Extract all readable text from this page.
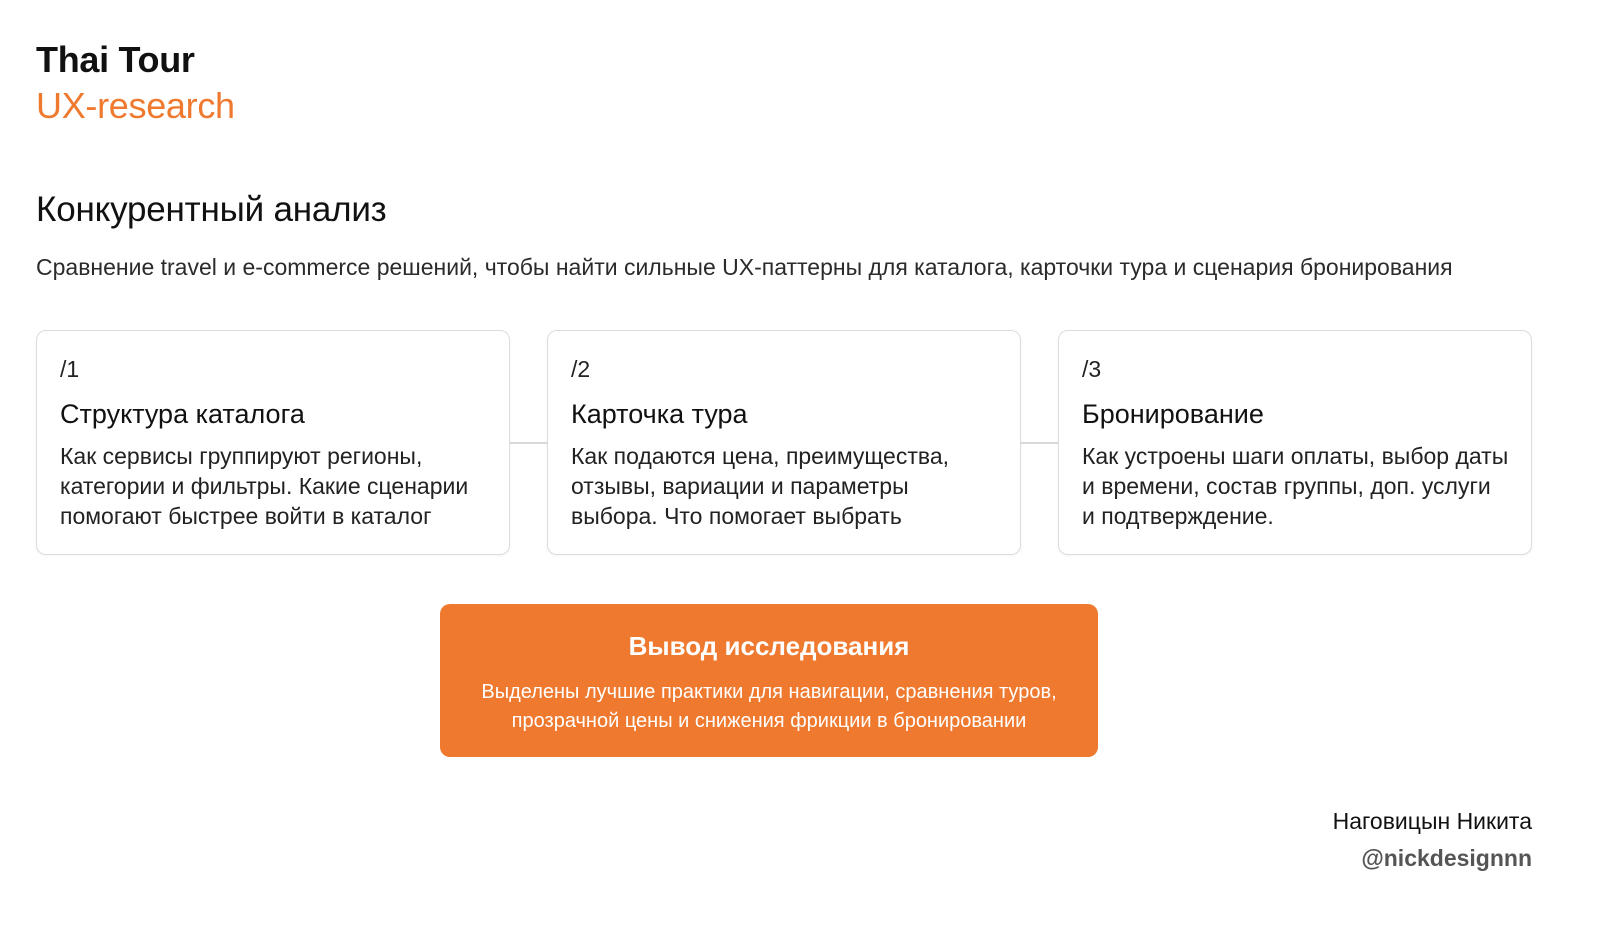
Thai Tour
UX-research
Конкурентный анализ
Сравнение travel и e-commerce решений, чтобы найти сильные UX-паттерны для каталога, карточки тура и сценария бронирования
/1
Структура каталога
Как сервисы группируют регионы, категории и фильтры. Какие сценарии помогают быстрее войти в каталог
/2
Карточка тура
Как подаются цена, преимущества, отзывы, вариации и параметры выбора. Что помогает выбрать
/3
Бронирование
Как устроены шаги оплаты, выбор даты и времени, состав группы, доп. услуги и подтверждение.
Вывод исследования
Выделены лучшие практики для навигации, сравнения туров, прозрачной цены и снижения фрикции в бронировании
Наговицын Никита
@nickdesignnn
